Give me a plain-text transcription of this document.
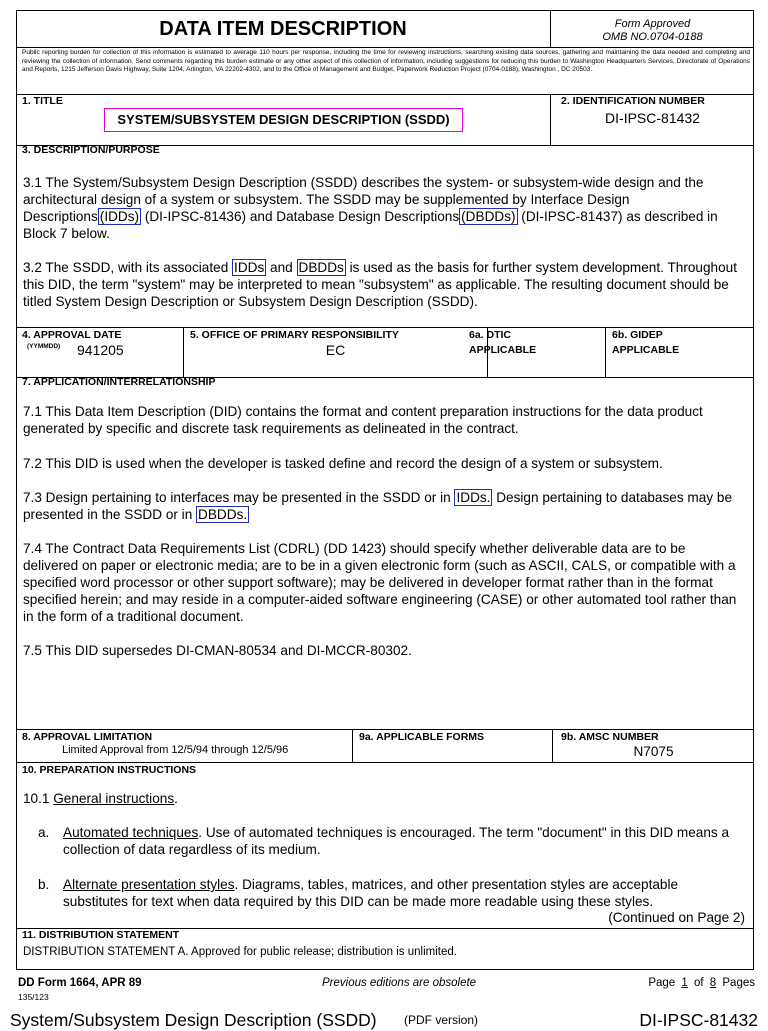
DATA ITEM DESCRIPTION	Form Approved
OMB NO.0704-0188
Public reporting burden for collection of this information is estimated to average 110 hours per response, including the time for reviewing instructions, searching existing data sources, gathering and maintaining the data needed and completing and reviewing the collection of information. Send comments regarding this burden estimate or any other aspect of this collection of information, including suggestions for reducing this burden to Washington Headquarters Services, Directorate of Operations and Reports, 1215 Jefferson Davis Highway, Suite 1204, Arlington, VA 22202-4302, and to the Office of Management and Budget, Paperwork Reduction Project (0704-0188), Washington , DC 20503.
1. TITLE
SYSTEM/SUBSYSTEM DESIGN DESCRIPTION (SSDD)
2. IDENTIFICATION NUMBER
DI-IPSC-81432
3. DESCRIPTION/PURPOSE
3.1 The System/Subsystem Design Description (SSDD) describes the system- or subsystem-wide design and the architectural design of a system or subsystem. The SSDD may be supplemented by Interface Design Descriptions (IDDs) (DI-IPSC-81436) and Database Design Descriptions (DBDDs) (DI-IPSC-81437) as described in Block 7 below.
3.2 The SSDD, with its associated IDDs and DBDDs is used as the basis for further system development. Throughout this DID, the term "system" may be interpreted to mean "subsystem" as applicable. The resulting document should be titled System Design Description or Subsystem Design Description (SSDD).
4. APPROVAL DATE
(YYMMDD) 941205
5. OFFICE OF PRIMARY RESPONSIBILITY
EC
6a. DTIC
APPLICABLE
6b. GIDEP
APPLICABLE
7. APPLICATION/INTERRELATIONSHIP
7.1 This Data Item Description (DID) contains the format and content preparation instructions for the data product generated by specific and discrete task requirements as delineated in the contract.
7.2 This DID is used when the developer is tasked define and record the design of a system or subsystem.
7.3 Design pertaining to interfaces may be presented in the SSDD or in IDDs. Design pertaining to databases may be presented in the SSDD or in DBDDs.
7.4 The Contract Data Requirements List (CDRL) (DD 1423) should specify whether deliverable data are to be delivered on paper or electronic media; are to be in a given electronic form (such as ASCII, CALS, or compatible with a specified word processor or other support software); may be delivered in developer format rather than in the format specified herein; and may reside in a computer-aided software engineering (CASE) or other automated tool rather than in the form of a traditional document.
7.5 This DID supersedes DI-CMAN-80534 and DI-MCCR-80302.
8. APPROVAL LIMITATION
Limited Approval from 12/5/94 through 12/5/96
9a. APPLICABLE FORMS	9b. AMSC NUMBER
N7075
10. PREPARATION INSTRUCTIONS
10.1 General instructions.
a. Automated techniques. Use of automated techniques is encouraged. The term "document" in this DID means a collection of data regardless of its medium.
b. Alternate presentation styles. Diagrams, tables, matrices, and other presentation styles are acceptable substitutes for text when data required by this DID can be made more readable using these styles.
(Continued on Page 2)
11. DISTRIBUTION STATEMENT
DISTRIBUTION STATEMENT A. Approved for public release; distribution is unlimited.
DD Form 1664, APR 89	Previous editions are obsolete	Page 1 of 8 Pages
135/123
System/Subsystem Design Description (SSDD) (PDF version)	DI-IPSC-81432
